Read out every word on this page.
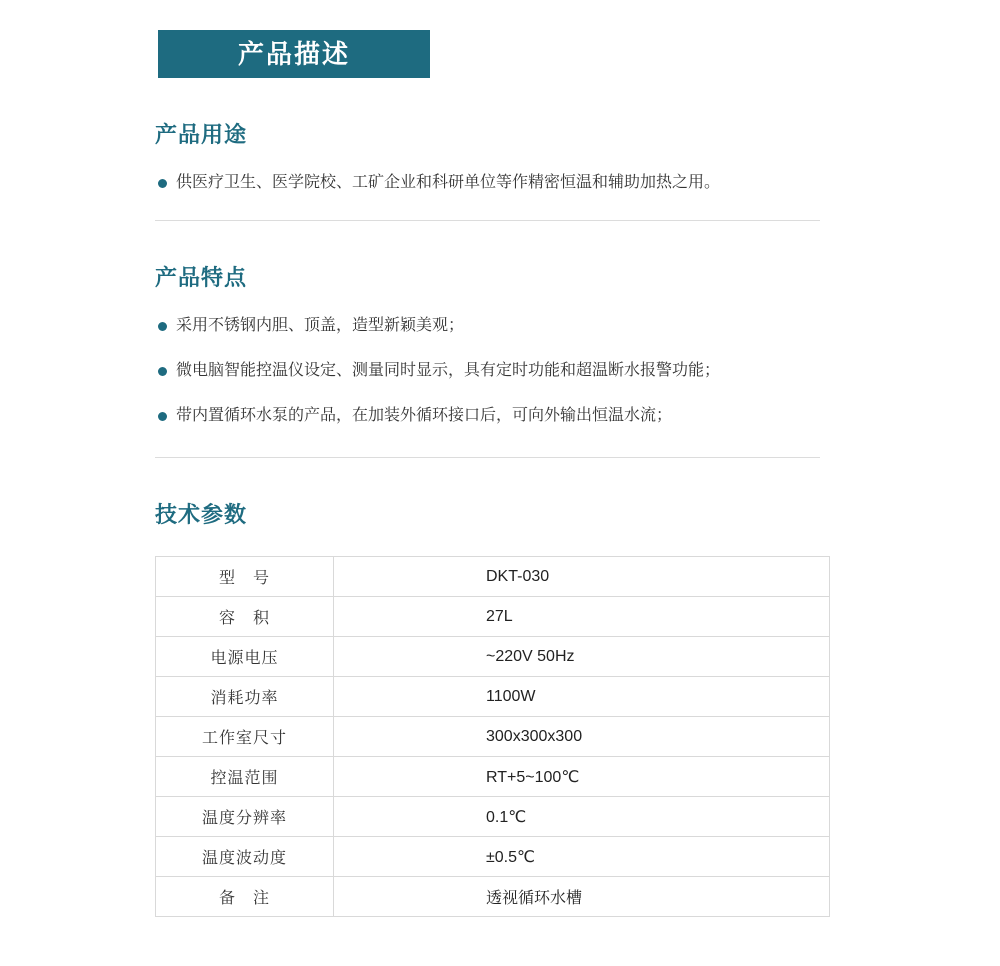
产品描述
产品用途
供医疗卫生、医学院校、工矿企业和科研单位等作精密恒温和辅助加热之用。
产品特点
采用不锈钢内胆、顶盖，造型新颖美观；
微电脑智能控温仪设定、测量同时显示，具有定时功能和超温断水报警功能；
带内置循环水泵的产品，在加装外循环接口后，可向外输出恒温水流；
技术参数
型　号	DKT-030
容　积	27L
电源电压	~220V 50Hz
消耗功率	1100W
工作室尺寸	300x300x300
控温范围	RT+5~100℃
温度分辨率	0.1℃
温度波动度	±0.5℃
备　注	透视循环水槽
